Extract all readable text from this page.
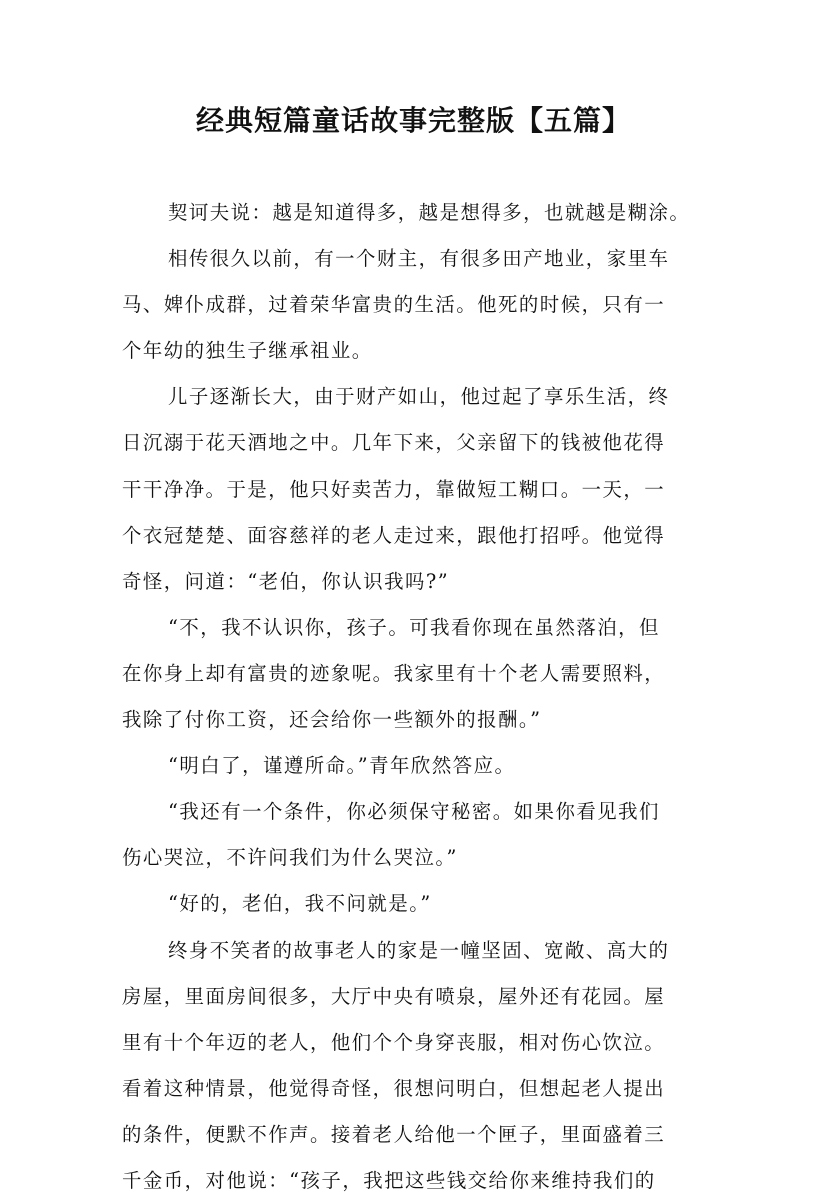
经典短篇童话故事完整版【五篇】
契诃夫说：越是知道得多，越是想得多，也就越是糊涂。
相传很久以前，有一个财主，有很多田产地业，家里车
马、婢仆成群，过着荣华富贵的生活。他死的时候，只有一
个年幼的独生子继承祖业。
儿子逐渐长大，由于财产如山，他过起了享乐生活，终
日沉溺于花天酒地之中。几年下来，父亲留下的钱被他花得
干干净净。于是，他只好卖苦力，靠做短工糊口。一天，一
个衣冠楚楚、面容慈祥的老人走过来，跟他打招呼。他觉得
奇怪，问道：“老伯，你认识我吗?”
“不，我不认识你，孩子。可我看你现在虽然落泊，但
在你身上却有富贵的迹象呢。我家里有十个老人需要照料，
我除了付你工资，还会给你一些额外的报酬。”
“明白了，谨遵所命。”青年欣然答应。
“我还有一个条件，你必须保守秘密。如果你看见我们
伤心哭泣，不许问我们为什么哭泣。”
“好的，老伯，我不问就是。”
终身不笑者的故事老人的家是一幢坚固、宽敞、高大的
房屋，里面房间很多，大厅中央有喷泉，屋外还有花园。屋
里有十个年迈的老人，他们个个身穿丧服，相对伤心饮泣。
看着这种情景，他觉得奇怪，很想问明白，但想起老人提出
的条件，便默不作声。接着老人给他一个匣子，里面盛着三
千金币，对他说：“孩子，我把这些钱交给你来维持我们的
